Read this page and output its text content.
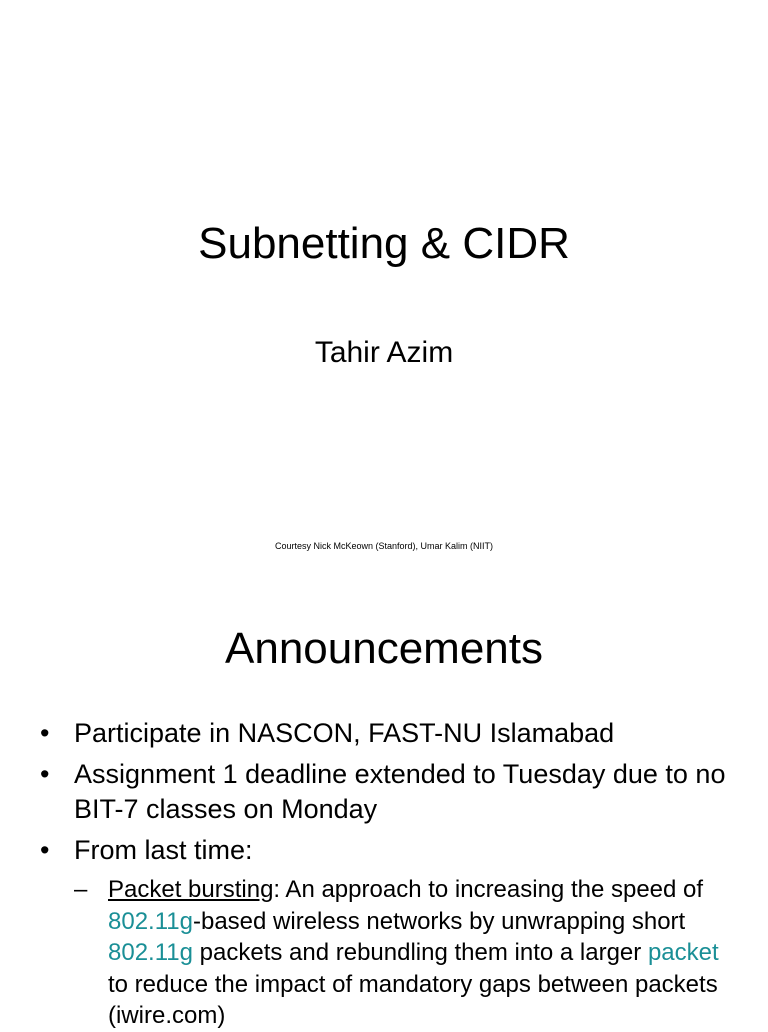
Subnetting & CIDR
Tahir Azim
Courtesy Nick McKeown (Stanford), Umar Kalim (NIIT)
Announcements
• Participate in NASCON, FAST-NU Islamabad
• Assignment 1 deadline extended to Tuesday due to no BIT-7 classes on Monday
• From last time:
– Packet bursting: An approach to increasing the speed of 802.11g-based wireless networks by unwrapping short 802.11g packets and rebundling them into a larger packet to reduce the impact of mandatory gaps between packets (iwire.com)
